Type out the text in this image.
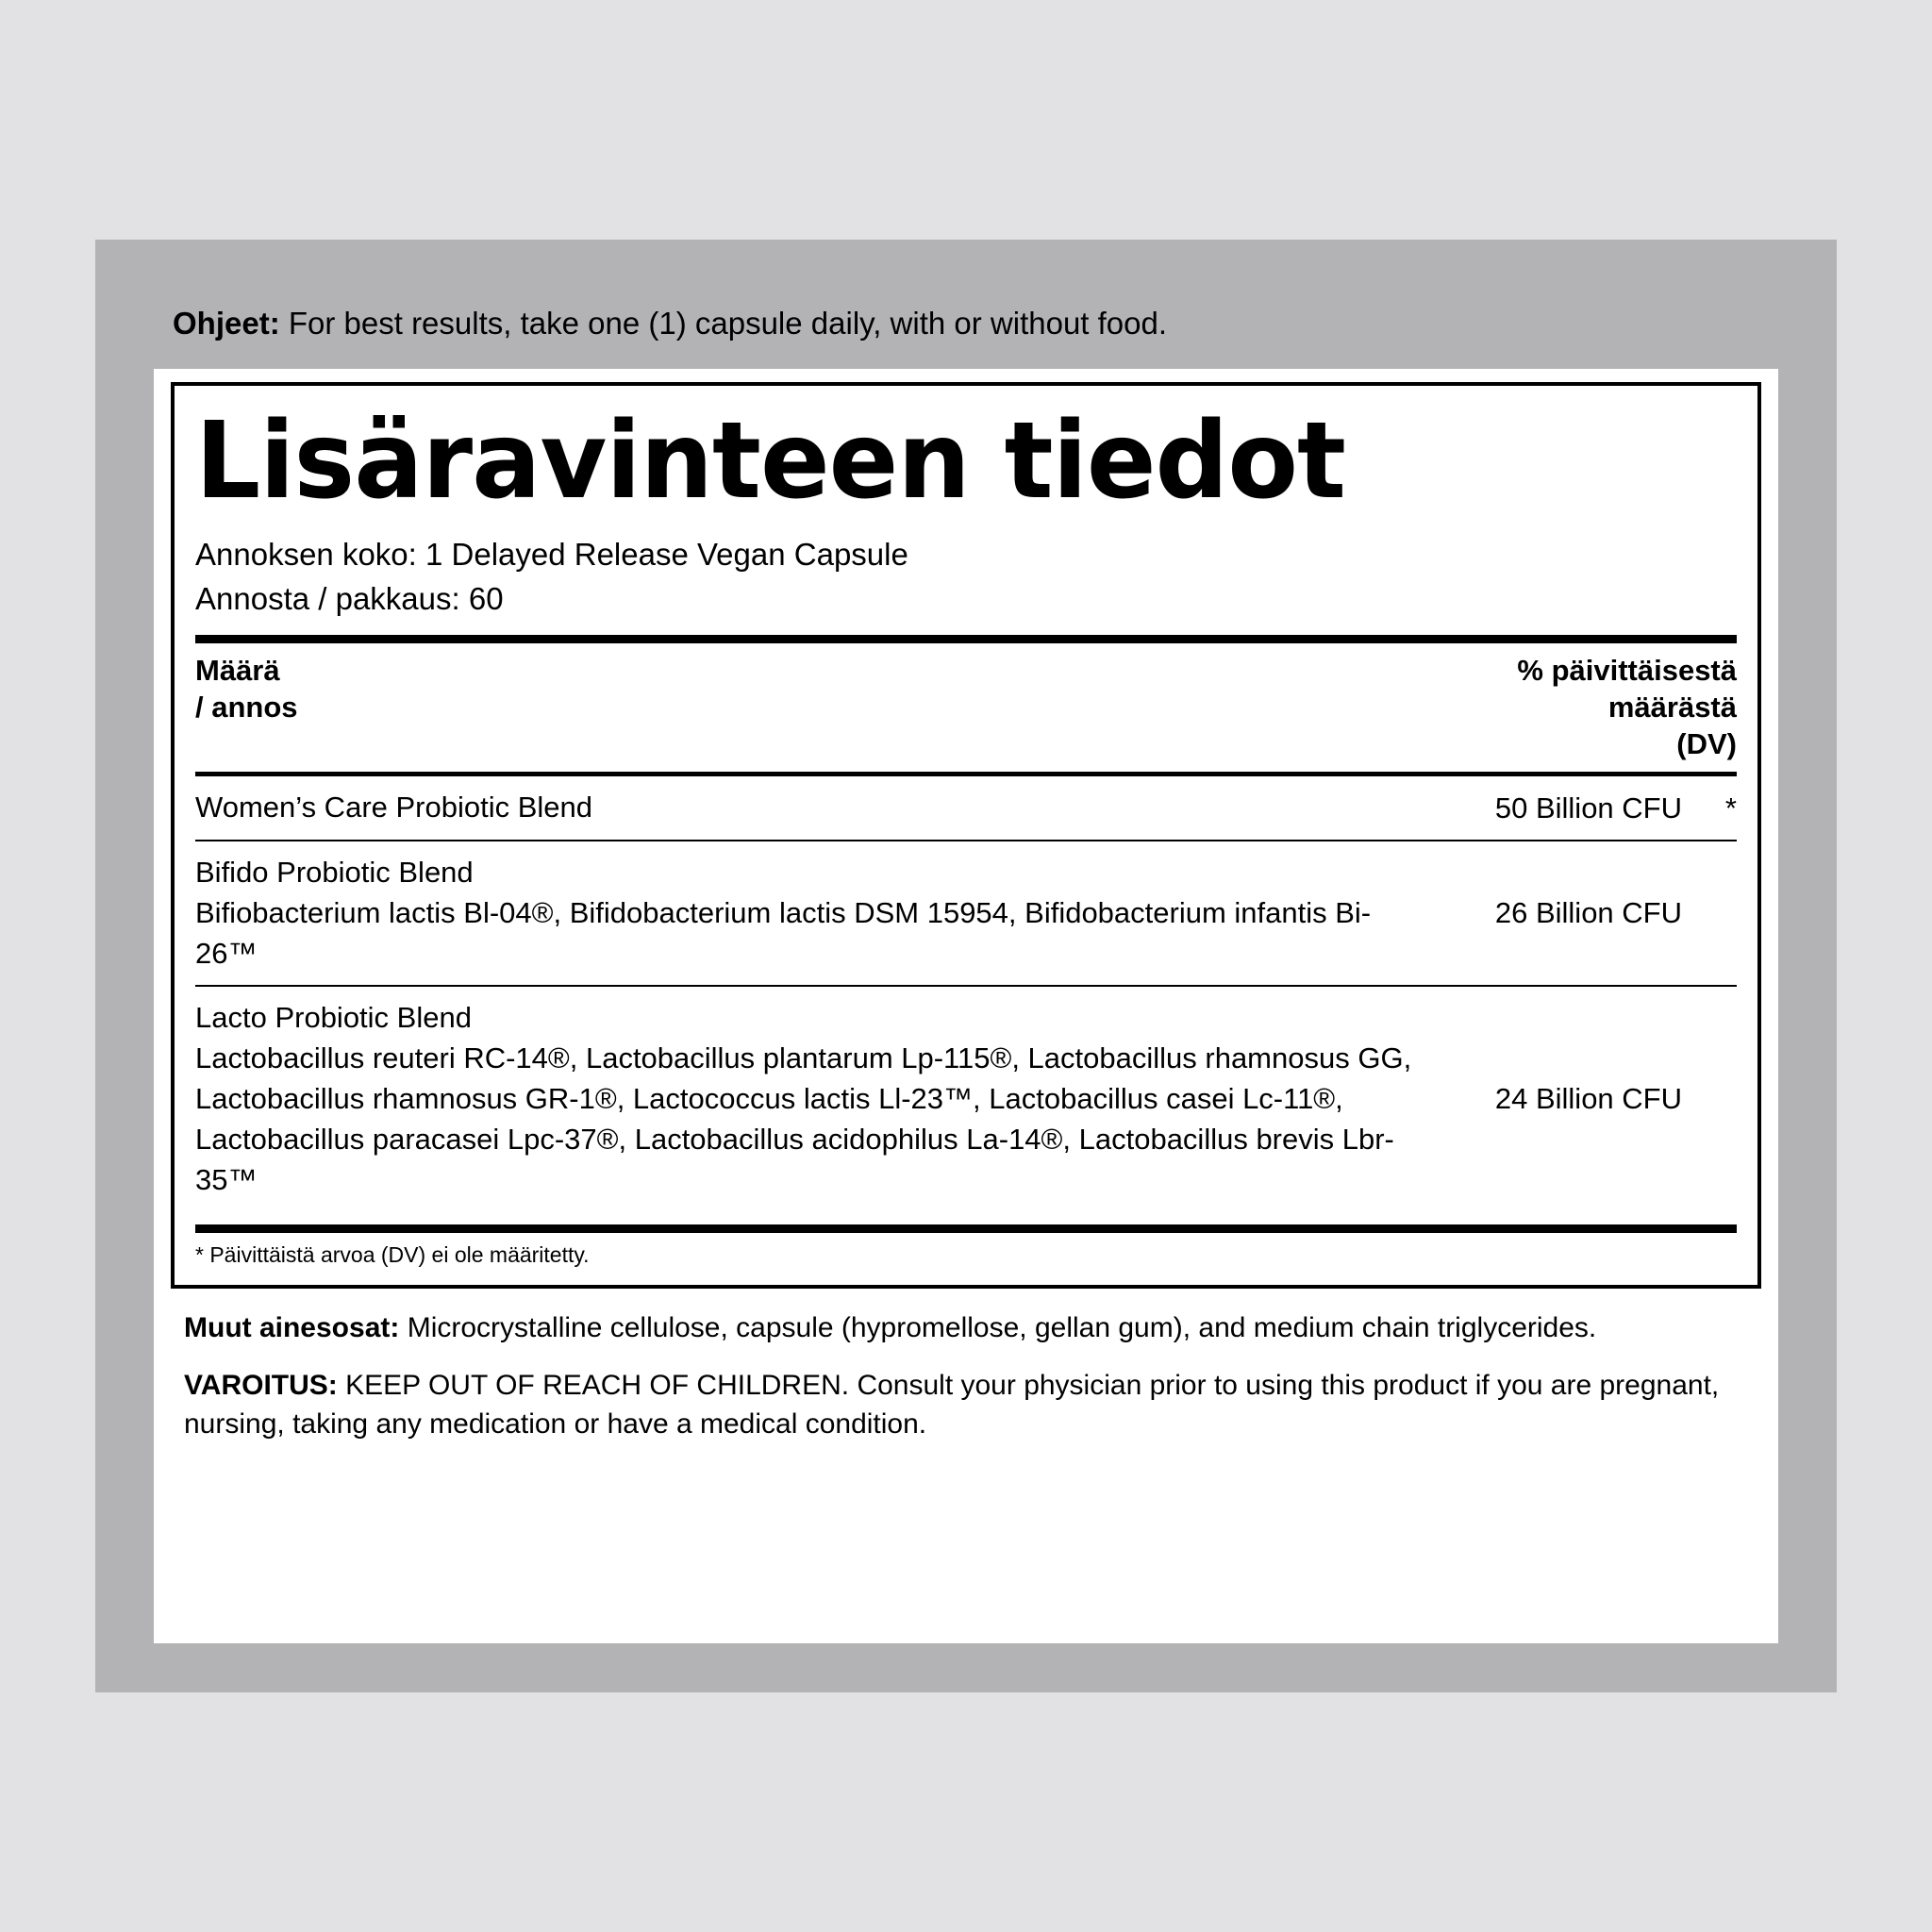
Ohjeet: For best results, take one (1) capsule daily, with or without food.
Lisäravinteen tiedot
Annoksen koko: 1 Delayed Release Vegan Capsule
Annosta / pakkaus: 60
Määrä
/ annos
% päivittäisestä
määrästä
(DV)
Women’s Care Probiotic Blend	50 Billion CFU	*
Bifido Probiotic Blend
Bifiobacterium lactis Bl-04®, Bifidobacterium lactis DSM 15954, Bifidobacterium infantis Bi-26™
26 Billion CFU
Lacto Probiotic Blend
Lactobacillus reuteri RC-14®, Lactobacillus plantarum Lp-115®, Lactobacillus rhamnosus GG, Lactobacillus rhamnosus GR-1®, Lactococcus lactis Ll-23™, Lactobacillus casei Lc-11®, Lactobacillus paracasei Lpc-37®, Lactobacillus acidophilus La-14®, Lactobacillus brevis Lbr-35™
24 Billion CFU
* Päivittäistä arvoa (DV) ei ole määritetty.
Muut ainesosat: Microcrystalline cellulose, capsule (hypromellose, gellan gum), and medium chain triglycerides.
VAROITUS: KEEP OUT OF REACH OF CHILDREN. Consult your physician prior to using this product if you are pregnant, nursing, taking any medication or have a medical condition.
